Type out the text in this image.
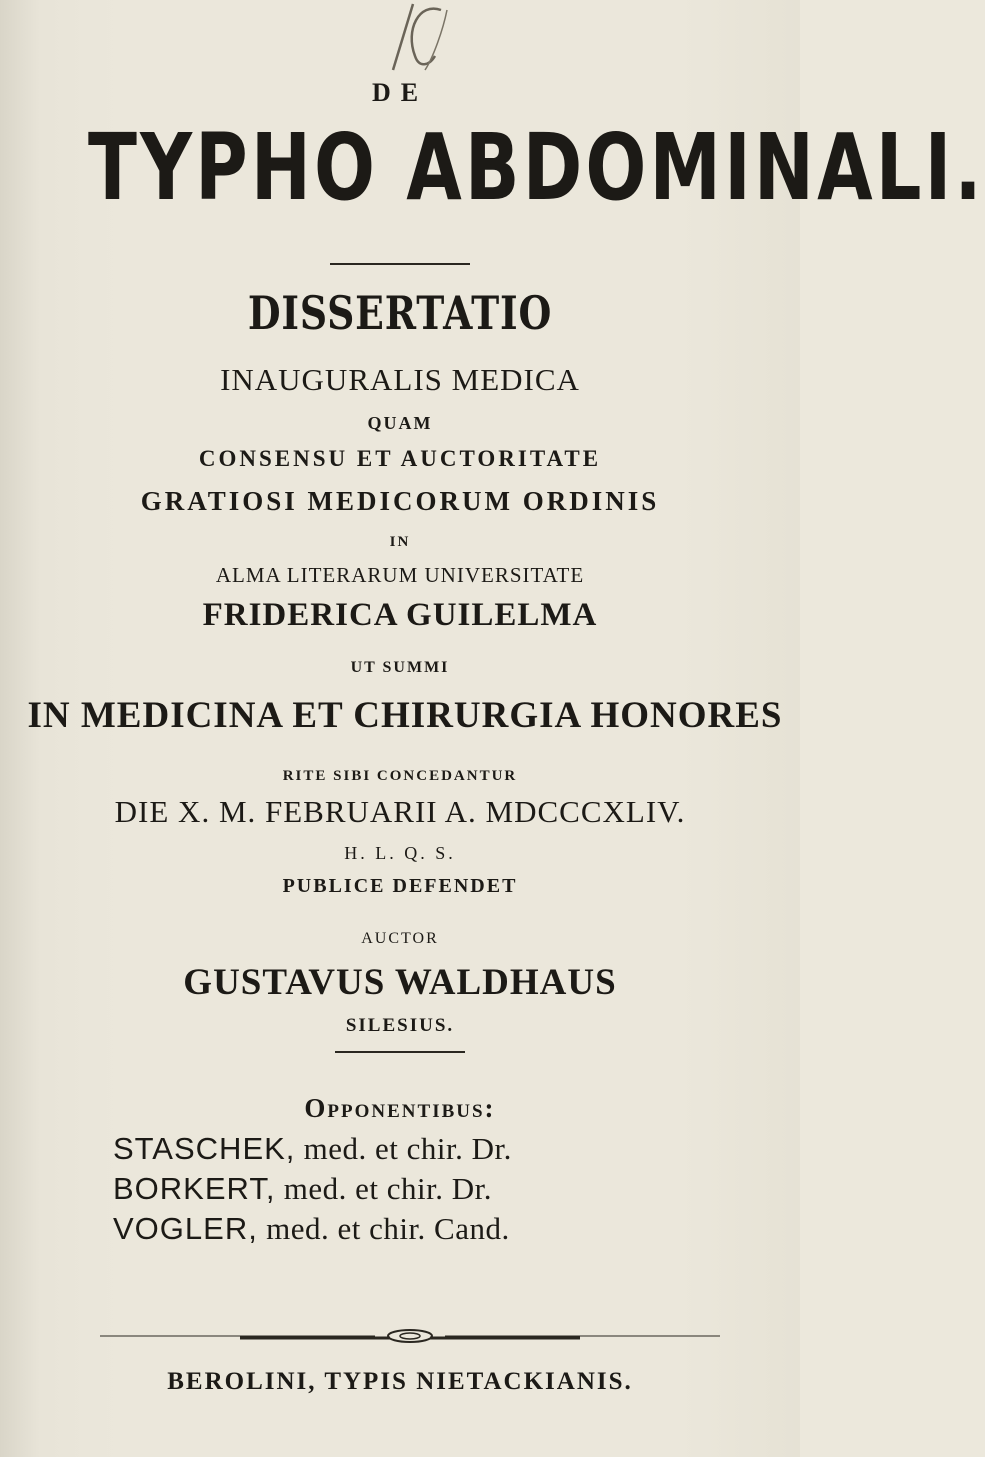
DE
TYPHO ABDOMINALI.
DISSERTATIO
INAUGURALIS MEDICA
QUAM
CONSENSU ET AUCTORITATE
GRATIOSI MEDICORUM ORDINIS
IN
ALMA LITERARUM UNIVERSITATE
FRIDERICA GUILELMA
UT SUMMI
IN MEDICINA ET CHIRURGIA HONORES
RITE SIBI CONCEDANTUR
DIE X. M. FEBRUARII A. MDCCCXLIV.
H. L. Q. S.
PUBLICE DEFENDET
AUCTOR
GUSTAVUS WALDHAUS
SILESIUS.
Opponentibus:
STASCHEK, med. et chir. Dr.
BORKERT, med. et chir. Dr.
VOGLER, med. et chir. Cand.
BEROLINI, TYPIS NIETACKIANIS.
